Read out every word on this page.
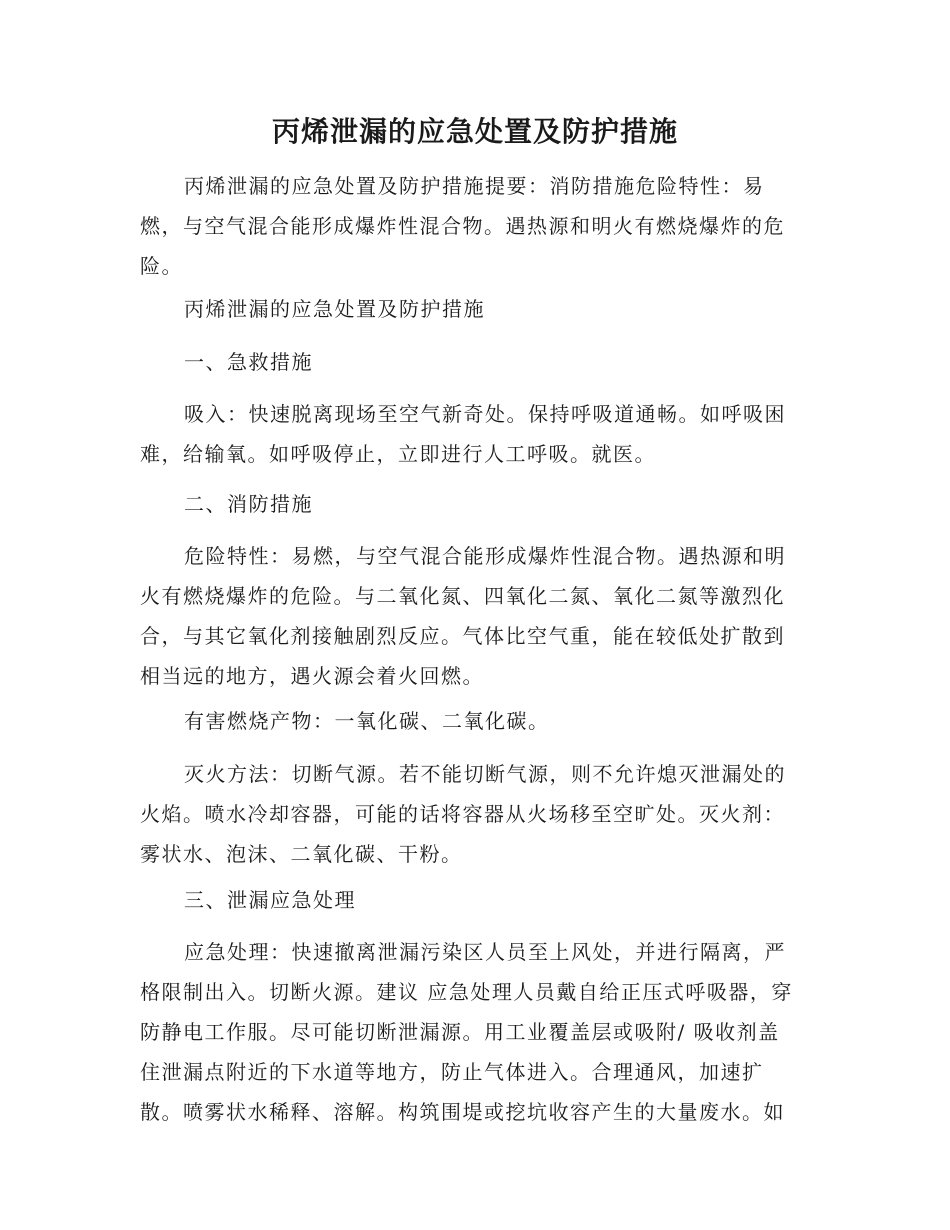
丙烯泄漏的应急处置及防护措施

丙烯泄漏的应急处置及防护措施提要：消防措施危险特性：易燃，与空气混合能形成爆炸性混合物。遇热源和明火有燃烧爆炸的危险。

丙烯泄漏的应急处置及防护措施

一、急救措施

吸入：快速脱离现场至空气新奇处。保持呼吸道通畅。如呼吸困难，给输氧。如呼吸停止，立即进行人工呼吸。就医。

二、消防措施

危险特性：易燃，与空气混合能形成爆炸性混合物。遇热源和明火有燃烧爆炸的危险。与二氧化氮、四氧化二氮、氧化二氮等激烈化合，与其它氧化剂接触剧烈反应。气体比空气重，能在较低处扩散到相当远的地方，遇火源会着火回燃。

有害燃烧产物：一氧化碳、二氧化碳。

灭火方法：切断气源。若不能切断气源，则不允许熄灭泄漏处的火焰。喷水冷却容器，可能的话将容器从火场移至空旷处。灭火剂：雾状水、泡沫、二氧化碳、干粉。

三、泄漏应急处理

应急处理：快速撤离泄漏污染区人员至上风处，并进行隔离，严格限制出入。切断火源。建议 应急处理人员戴自给正压式呼吸器，穿防静电工作服。尽可能切断泄漏源。用工业覆盖层或吸附/ 吸收剂盖住泄漏点附近的下水道等地方，防止气体进入。合理通风，加速扩散。喷雾状水稀释、溶解。构筑围堤或挖坑收容产生的大量废水。如
